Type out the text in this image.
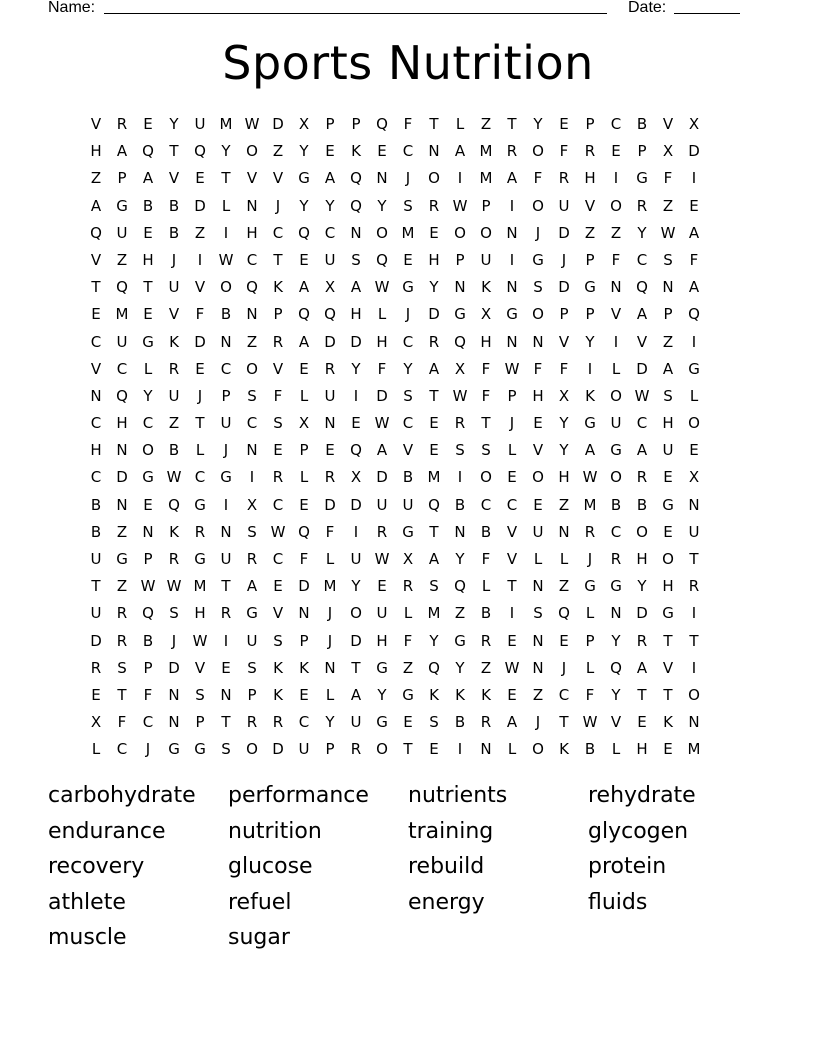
Name:	Date:
Sports Nutrition
V	R	E	Y	U M W D	X	P	P	Q	F	T	L	Z	T	Y	E	P	C	B	V	X
H	A Q	T	Q	Y	O Z	Y	E	K	E	C	N	A M R O	F	R	E	P	X	D
Z	P	A	V	E	T	V	V	G	A Q N	J	O	I	M A	F	R	H	I	G	F	I
A	G	B	B	D	L	N	J	Y	Y	Q	Y	S	R W P	I	O U	V O R	Z	E
Q U	E	B	Z	I	H	C Q C	N O M E	O O N	J	D	Z	Z	Y W A
V	Z	H	J	I	W C	T	E	U	S	Q	E	H	P	U	I	G	J	P	F	C	S	F
T	Q	T	U	V O Q	K	A	X	A W G	Y	N	K	N	S	D G N Q N	A
E M E	V	F	B	N	P	Q Q H	L	J	D G	X	G O	P	P	V	A	P	Q
C	U G	K	D N	Z	R	A	D D H	C	R Q H N N	V	Y	I	V	Z	I
V	C	L	R	E	C O V	E	R	Y	F	Y	A	X	F W F	F	I	L	D	A	G
N Q	Y	U	J	P	S	F	L	U	I	D	S	T W F	P	H	X	K	O W S	L
C	H	C	Z	T	U	C	S	X	N	E W C	E	R	T	J	E	Y	G U	C	H O
H N O B	L	J	N	E	P	E	Q A	V	E	S	S	L	V	Y	A	G	A	U	E
C D G W C G	I	R	L	R	X	D	B M	I	O	E	O H W O R	E	X
B	N	E	Q G	I	X	C	E	D D U	U Q B	C	C	E	Z M B	B	G N
B	Z	N	K	R	N	S W Q	F	I	R G	T	N	B	V	U N	R	C O	E	U
U G	P	R G U	R	C	F	L	U W X	A	Y	F	V	L	L	J	R	H O	T
T	Z W W M T	A	E	D M Y	E	R	S	Q	L	T	N	Z	G G	Y	H	R
U	R Q	S	H	R G	V	N	J	O U	L	M Z	B	I	S	Q	L	N D G	I
D	R	B	J	W	I	U	S	P	J	D H	F	Y	G R	E	N	E	P	Y	R	T	T
R	S	P	D	V	E	S	K	K	N	T	G	Z Q	Y	Z W N	J	L	Q A	V	I
E	T	F	N	S	N	P	K	E	L	A	Y	G	K	K	K	E	Z	C	F	Y	T	T	O
X	F	C	N	P	T	R	R	C	Y	U G	E	S	B	R	A	J	T W V	E	K	N
L	C	J	G G	S	O D U	P	R O	T	E	I	N	L	O	K	B	L	H	E M
carbohydrate	performance	nutrients	rehydrate
endurance	nutrition	training	glycogen
recovery	glucose	rebuild	protein
athlete	refuel	energy	fluids
muscle	sugar
